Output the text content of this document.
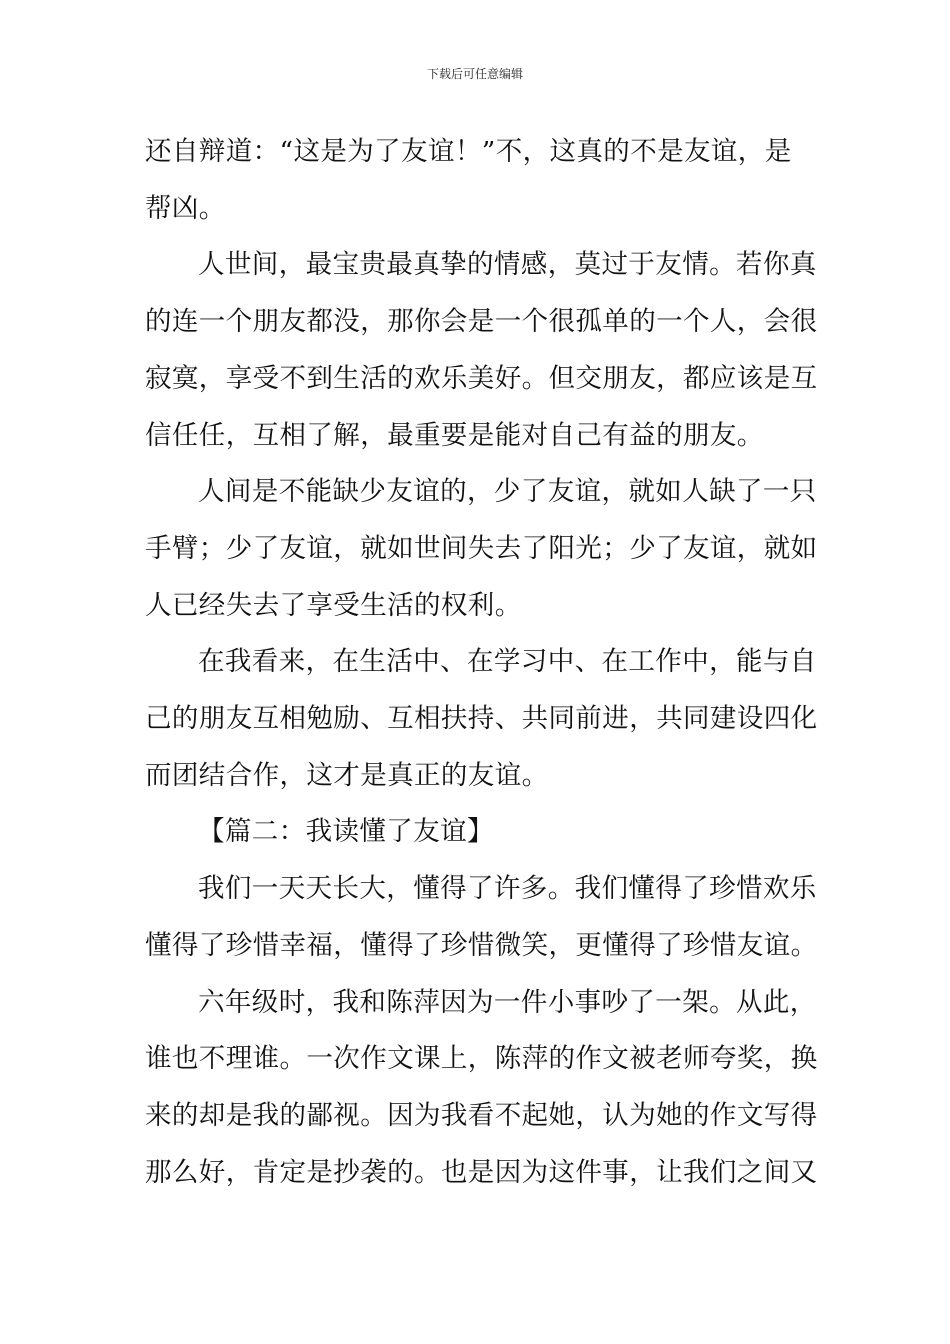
下载后可任意编辑
还自辩道：“这是为了友谊！”不，这真的不是友谊，是
帮凶。
人世间，最宝贵最真挚的情感，莫过于友情。若你真
的连一个朋友都没，那你会是一个很孤单的一个人，会很
寂寞，享受不到生活的欢乐美好。但交朋友，都应该是互
信任任，互相了解，最重要是能对自己有益的朋友。
人间是不能缺少友谊的，少了友谊，就如人缺了一只
手臂；少了友谊，就如世间失去了阳光；少了友谊，就如
人已经失去了享受生活的权利。
在我看来，在生活中、在学习中、在工作中，能与自
己的朋友互相勉励、互相扶持、共同前进，共同建设四化
而团结合作，这才是真正的友谊。
【篇二：我读懂了友谊】
我们一天天长大，懂得了许多。我们懂得了珍惜欢乐
懂得了珍惜幸福，懂得了珍惜微笑，更懂得了珍惜友谊。
六年级时，我和陈萍因为一件小事吵了一架。从此，
谁也不理谁。一次作文课上，陈萍的作文被老师夸奖，换
来的却是我的鄙视。因为我看不起她，认为她的作文写得
那么好，肯定是抄袭的。也是因为这件事，让我们之间又
